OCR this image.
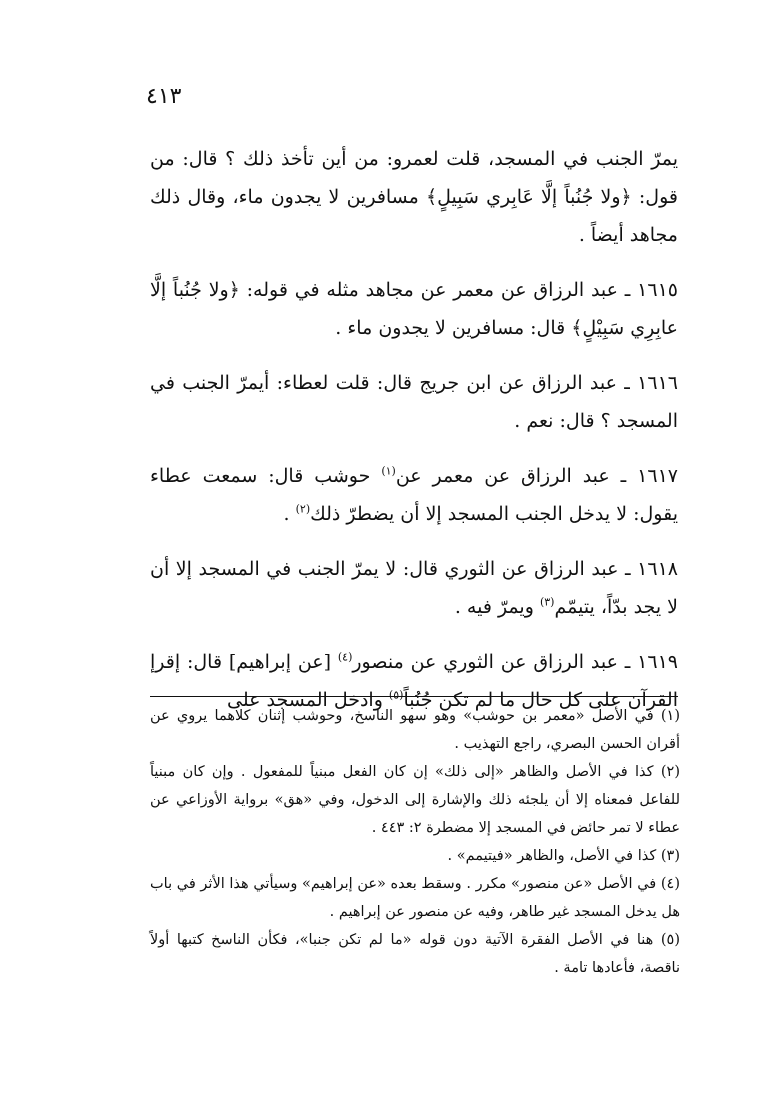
٤١٣

يمرّ الجنب في المسجد، قلت لعمرو: من أين تأخذ ذلك ؟ قال: من قول: ﴿ولا جُنُباً إلَّا عَابِري سَبِيلٍ﴾ مسافرين لا يجدون ماء، وقال ذلك مجاهد أيضاً .

١٦١٥ ـ عبد الرزاق عن معمر عن مجاهد مثله في قوله: ﴿ولا جُنُباً إلَّا عابِرِي سَبِيْلٍ﴾ قال: مسافرين لا يجدون ماء .

١٦١٦ ـ عبد الرزاق عن ابن جريج قال: قلت لعطاء: أيمرّ الجنب في المسجد ؟ قال: نعم .

١٦١٧ ـ عبد الرزاق عن معمر عن$^{(١)}$ حوشب قال: سمعت عطاء يقول: لا يدخل الجنب المسجد إلا أن يضطرّ ذلك$^{(٢)}$ .

١٦١٨ ـ عبد الرزاق عن الثوري قال: لا يمرّ الجنب في المسجد إلا أن لا يجد بدّاً، يتيمّم$^{(٣)}$ ويمرّ فيه .

١٦١٩ ـ عبد الرزاق عن الثوري عن منصور$^{(٤)}$ [عن إبراهيم] قال: إقرإ القرآن على كل حال ما لم تكن جُنُباً$^{(٥)}$ وادخل المسجد على

(١) في الأصل «معمر بن حوشب» وهو سهو الناسخ، وحوشب إثنان كلاهما يروي عن أقران الحسن البصري، راجع التهذيب .

(٢) كذا في الأصل والظاهر «إلى ذلك» إن كان الفعل مبنياً للمفعول . وإن كان مبنياً للفاعل فمعناه إلا أن يلجئه ذلك والإشارة إلى الدخول، وفي «هق» برواية الأوزاعي عن عطاء لا تمر حائض في المسجد إلا مضطرة ٢: ٤٤٣ .

(٣) كذا في الأصل، والظاهر «فيتيمم» .

(٤) في الأصل «عن منصور» مكرر . وسقط بعده «عن إبراهيم» وسيأتي هذا الأثر في باب هل يدخل المسجد غير طاهر، وفيه عن منصور عن إبراهيم .

(٥) هنا في الأصل الفقرة الآتية دون قوله «ما لم تكن جنبا»، فكأن الناسخ كتبها أولاً ناقصة، فأعادها تامة .
